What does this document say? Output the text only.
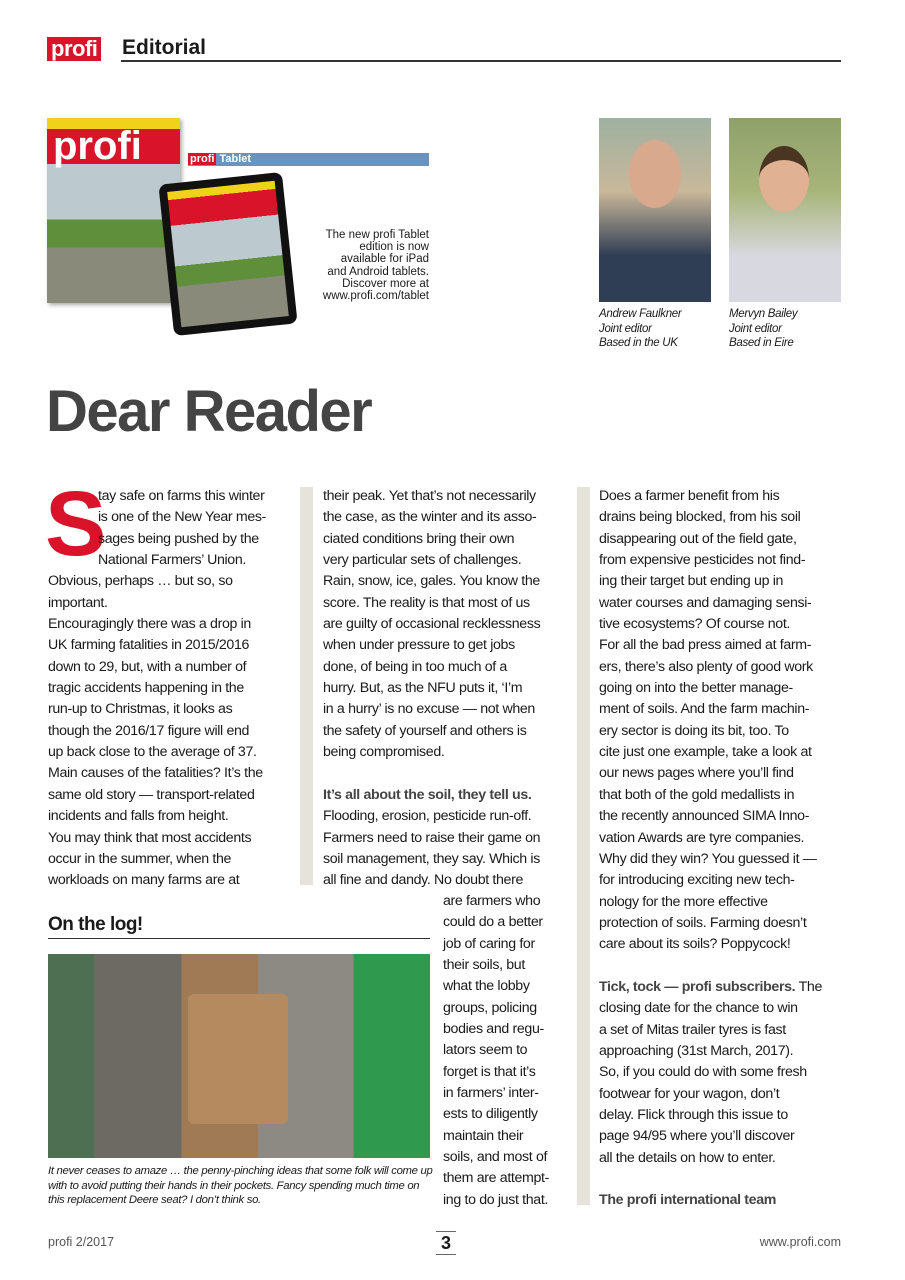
profi Editorial
profi	profi Tablet
The new profi Tablet
edition is now
available for iPad
and Android tablets.
Discover more at
www.profi.com/tablet
Andrew Faulkner
Joint editor
Based in the UK
Mervyn Bailey
Joint editor
Based in Eire
Dear Reader
S
tay safe on farms this winter
is one of the New Year mes-
sages being pushed by the
National Farmers’ Union.
Obvious, perhaps … but so, so
important.
Encouragingly there was a drop in
UK farming fatalities in 2015/2016
down to 29, but, with a number of
tragic accidents happening in the
run-up to Christmas, it looks as
though the 2016/17 figure will end
up back close to the average of 37.
Main causes of the fatalities? It’s the
same old story — transport-related
incidents and falls from height.
You may think that most accidents
occur in the summer, when the
workloads on many farms are at
their peak. Yet that’s not necessarily
the case, as the winter and its asso-
ciated conditions bring their own
very particular sets of challenges.
Rain, snow, ice, gales. You know the
score. The reality is that most of us
are guilty of occasional recklessness
when under pressure to get jobs
done, of being in too much of a
hurry. But, as the NFU puts it, ‘I’m
in a hurry’ is no excuse — not when
the safety of yourself and others is
being compromised.

It’s all about the soil, they tell us.
Flooding, erosion, pesticide run-off.
Farmers need to raise their game on
soil management, they say. Which is
all fine and dandy. No doubt there
are farmers who
could do a better
job of caring for
their soils, but
what the lobby
groups, policing
bodies and regu-
lators seem to
forget is that it’s
in farmers’ inter-
ests to diligently
maintain their
soils, and most of
them are attempt-
ing to do just that.
Does a farmer benefit from his
drains being blocked, from his soil
disappearing out of the field gate,
from expensive pesticides not find-
ing their target but ending up in
water courses and damaging sensi-
tive ecosystems? Of course not.
For all the bad press aimed at farm-
ers, there’s also plenty of good work
going on into the better manage-
ment of soils. And the farm machin-
ery sector is doing its bit, too. To
cite just one example, take a look at
our news pages where you’ll find
that both of the gold medallists in
the recently announced SIMA Inno-
vation Awards are tyre companies.
Why did they win? You guessed it —
for introducing exciting new tech-
nology for the more effective
protection of soils. Farming doesn’t
care about its soils? Poppycock!

Tick, tock — profi subscribers. The
closing date for the chance to win
a set of Mitas trailer tyres is fast
approaching (31st March, 2017).
So, if you could do with some fresh
footwear for your wagon, don’t
delay. Flick through this issue to
page 94/95 where you’ll discover
all the details on how to enter.

The profi international team
On the log!
It never ceases to amaze … the penny-pinching ideas that some folk will come up with to avoid putting their hands in their pockets. Fancy spending much time on this replacement Deere seat? I don’t think so.
profi 2/2017	3	www.profi.com
